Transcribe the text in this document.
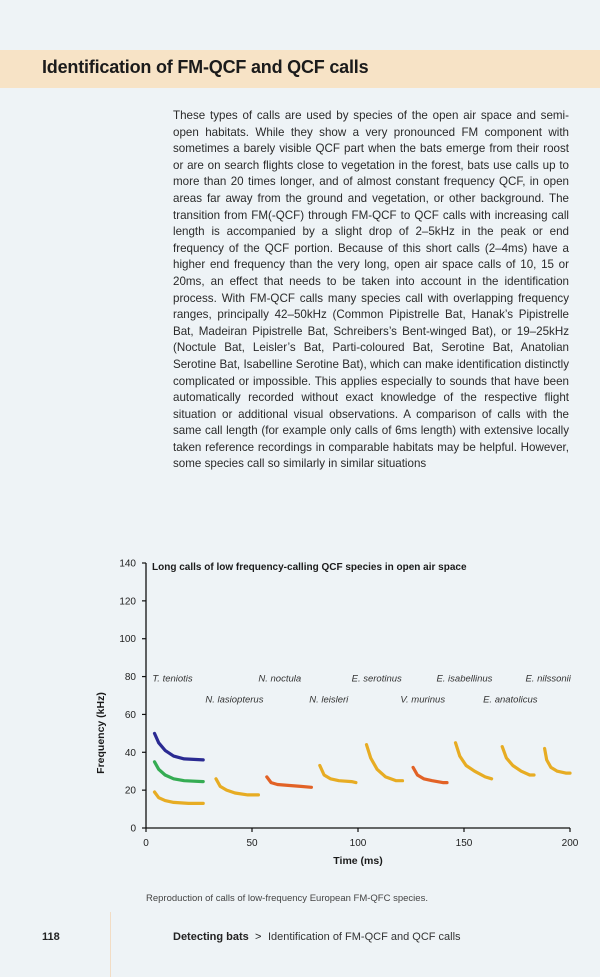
Identification of FM-QCF and QCF calls

These types of calls are used by species of the open air space and semi-open habitats. While they show a very pronounced FM component with sometimes a barely visible QCF part when the bats emerge from their roost or are on search flights close to vegetation in the forest, bats use calls up to more than 20 times longer, and of almost constant frequency QCF, in open areas far away from the ground and vegetation, or other background. The transition from FM(-QCF) through FM-QCF to QCF calls with increasing call length is accompanied by a slight drop of 2–5kHz in the peak or end frequency of the QCF portion. Because of this short calls (2–4ms) have a higher end frequency than the very long, open air space calls of 10, 15 or 20ms, an effect that needs to be taken into account in the identification process. With FM-QCF calls many species call with overlapping frequency ranges, principally 42–50kHz (Common Pipistrelle Bat, Hanak’s Pipistrelle Bat, Madeiran Pipistrelle Bat, Schreibers’s Bent-winged Bat), or 19–25kHz (Noctule Bat, Leisler’s Bat, Parti-coloured Bat, Serotine Bat, Anatolian Serotine Bat, Isabelline Serotine Bat), which can make identification distinctly complicated or impossible. This applies especially to sounds that have been automatically recorded without exact knowledge of the respective flight situation or additional visual observations. A comparison of calls with the same call length (for example only calls of 6ms length) with extensive locally taken reference recordings in comparable habitats may be helpful. However, some species call so similarly in similar situations

0
20
40
60
80
100
120
140
0	50	100	150	200
T. teniotis	N. noctula	E. serotinus	E. isabellinus	E. nilssonii
N. lasiopterus	N. leisleri	V. murinus	E. anatolicus
Long calls of low frequency-calling QCF species in open air space
Time (ms)
Frequency (kHz)
Reproduction of calls of low-frequency European FM-QFC species.
118	Detecting bats > Identification of FM-QCF and QCF calls
